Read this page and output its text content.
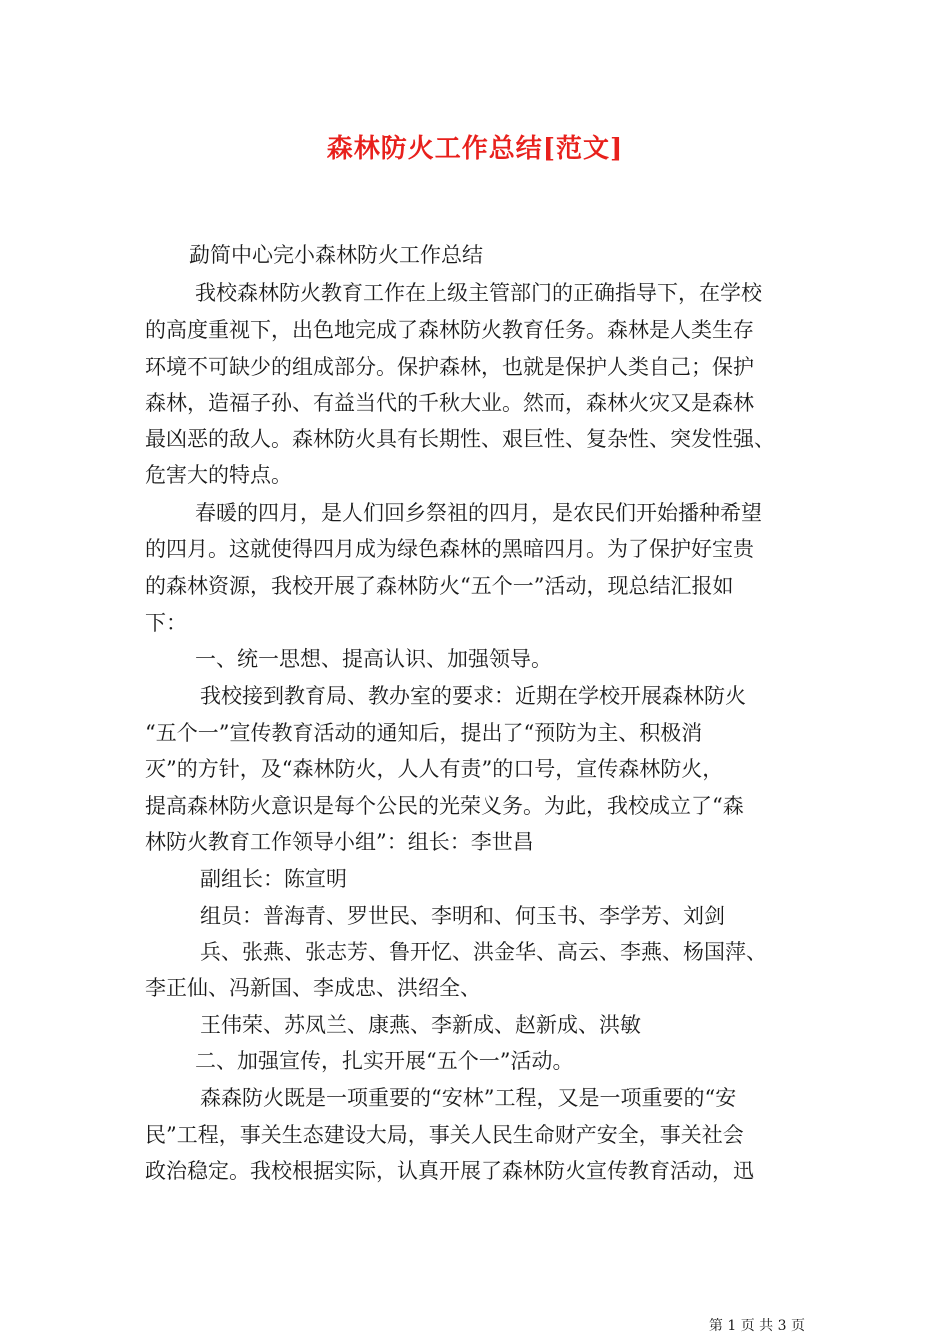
森林防火工作总结[范文]

勐简中心完小森林防火工作总结

我校森林防火教育工作在上级主管部门的正确指导下，在学校

的高度重视下，出色地完成了森林防火教育任务。森林是人类生存

环境不可缺少的组成部分。保护森林，也就是保护人类自己；保护

森林，造福子孙、有益当代的千秋大业。然而，森林火灾又是森林

最凶恶的敌人。森林防火具有长期性、艰巨性、复杂性、突发性强、

危害大的特点。

春暖的四月，是人们回乡祭祖的四月，是农民们开始播种希望

的四月。这就使得四月成为绿色森林的黑暗四月。为了保护好宝贵

的森林资源，我校开展了森林防火“五个一”活动，现总结汇报如

下：

一、统一思想、提高认识、加强领导。

我校接到教育局、教办室的要求：近期在学校开展森林防火

“五个一”宣传教育活动的通知后，提出了“预防为主、积极消

灭”的方针，及“森林防火，人人有责”的口号，宣传森林防火，

提高森林防火意识是每个公民的光荣义务。为此，我校成立了“森

林防火教育工作领导小组”：组长：李世昌

副组长：陈宣明

组员：普海青、罗世民、李明和、何玉书、李学芳、刘剑

兵、张燕、张志芳、鲁开忆、洪金华、高云、李燕、杨国萍、

李正仙、冯新国、李成忠、洪绍全、

王伟荣、苏凤兰、康燕、李新成、赵新成、洪敏

二、加强宣传，扎实开展“五个一”活动。

森森防火既是一项重要的“安林”工程，又是一项重要的“安

民”工程，事关生态建设大局，事关人民生命财产安全，事关社会

政治稳定。我校根据实际，认真开展了森林防火宣传教育活动，迅

第 1 页 共 3 页
